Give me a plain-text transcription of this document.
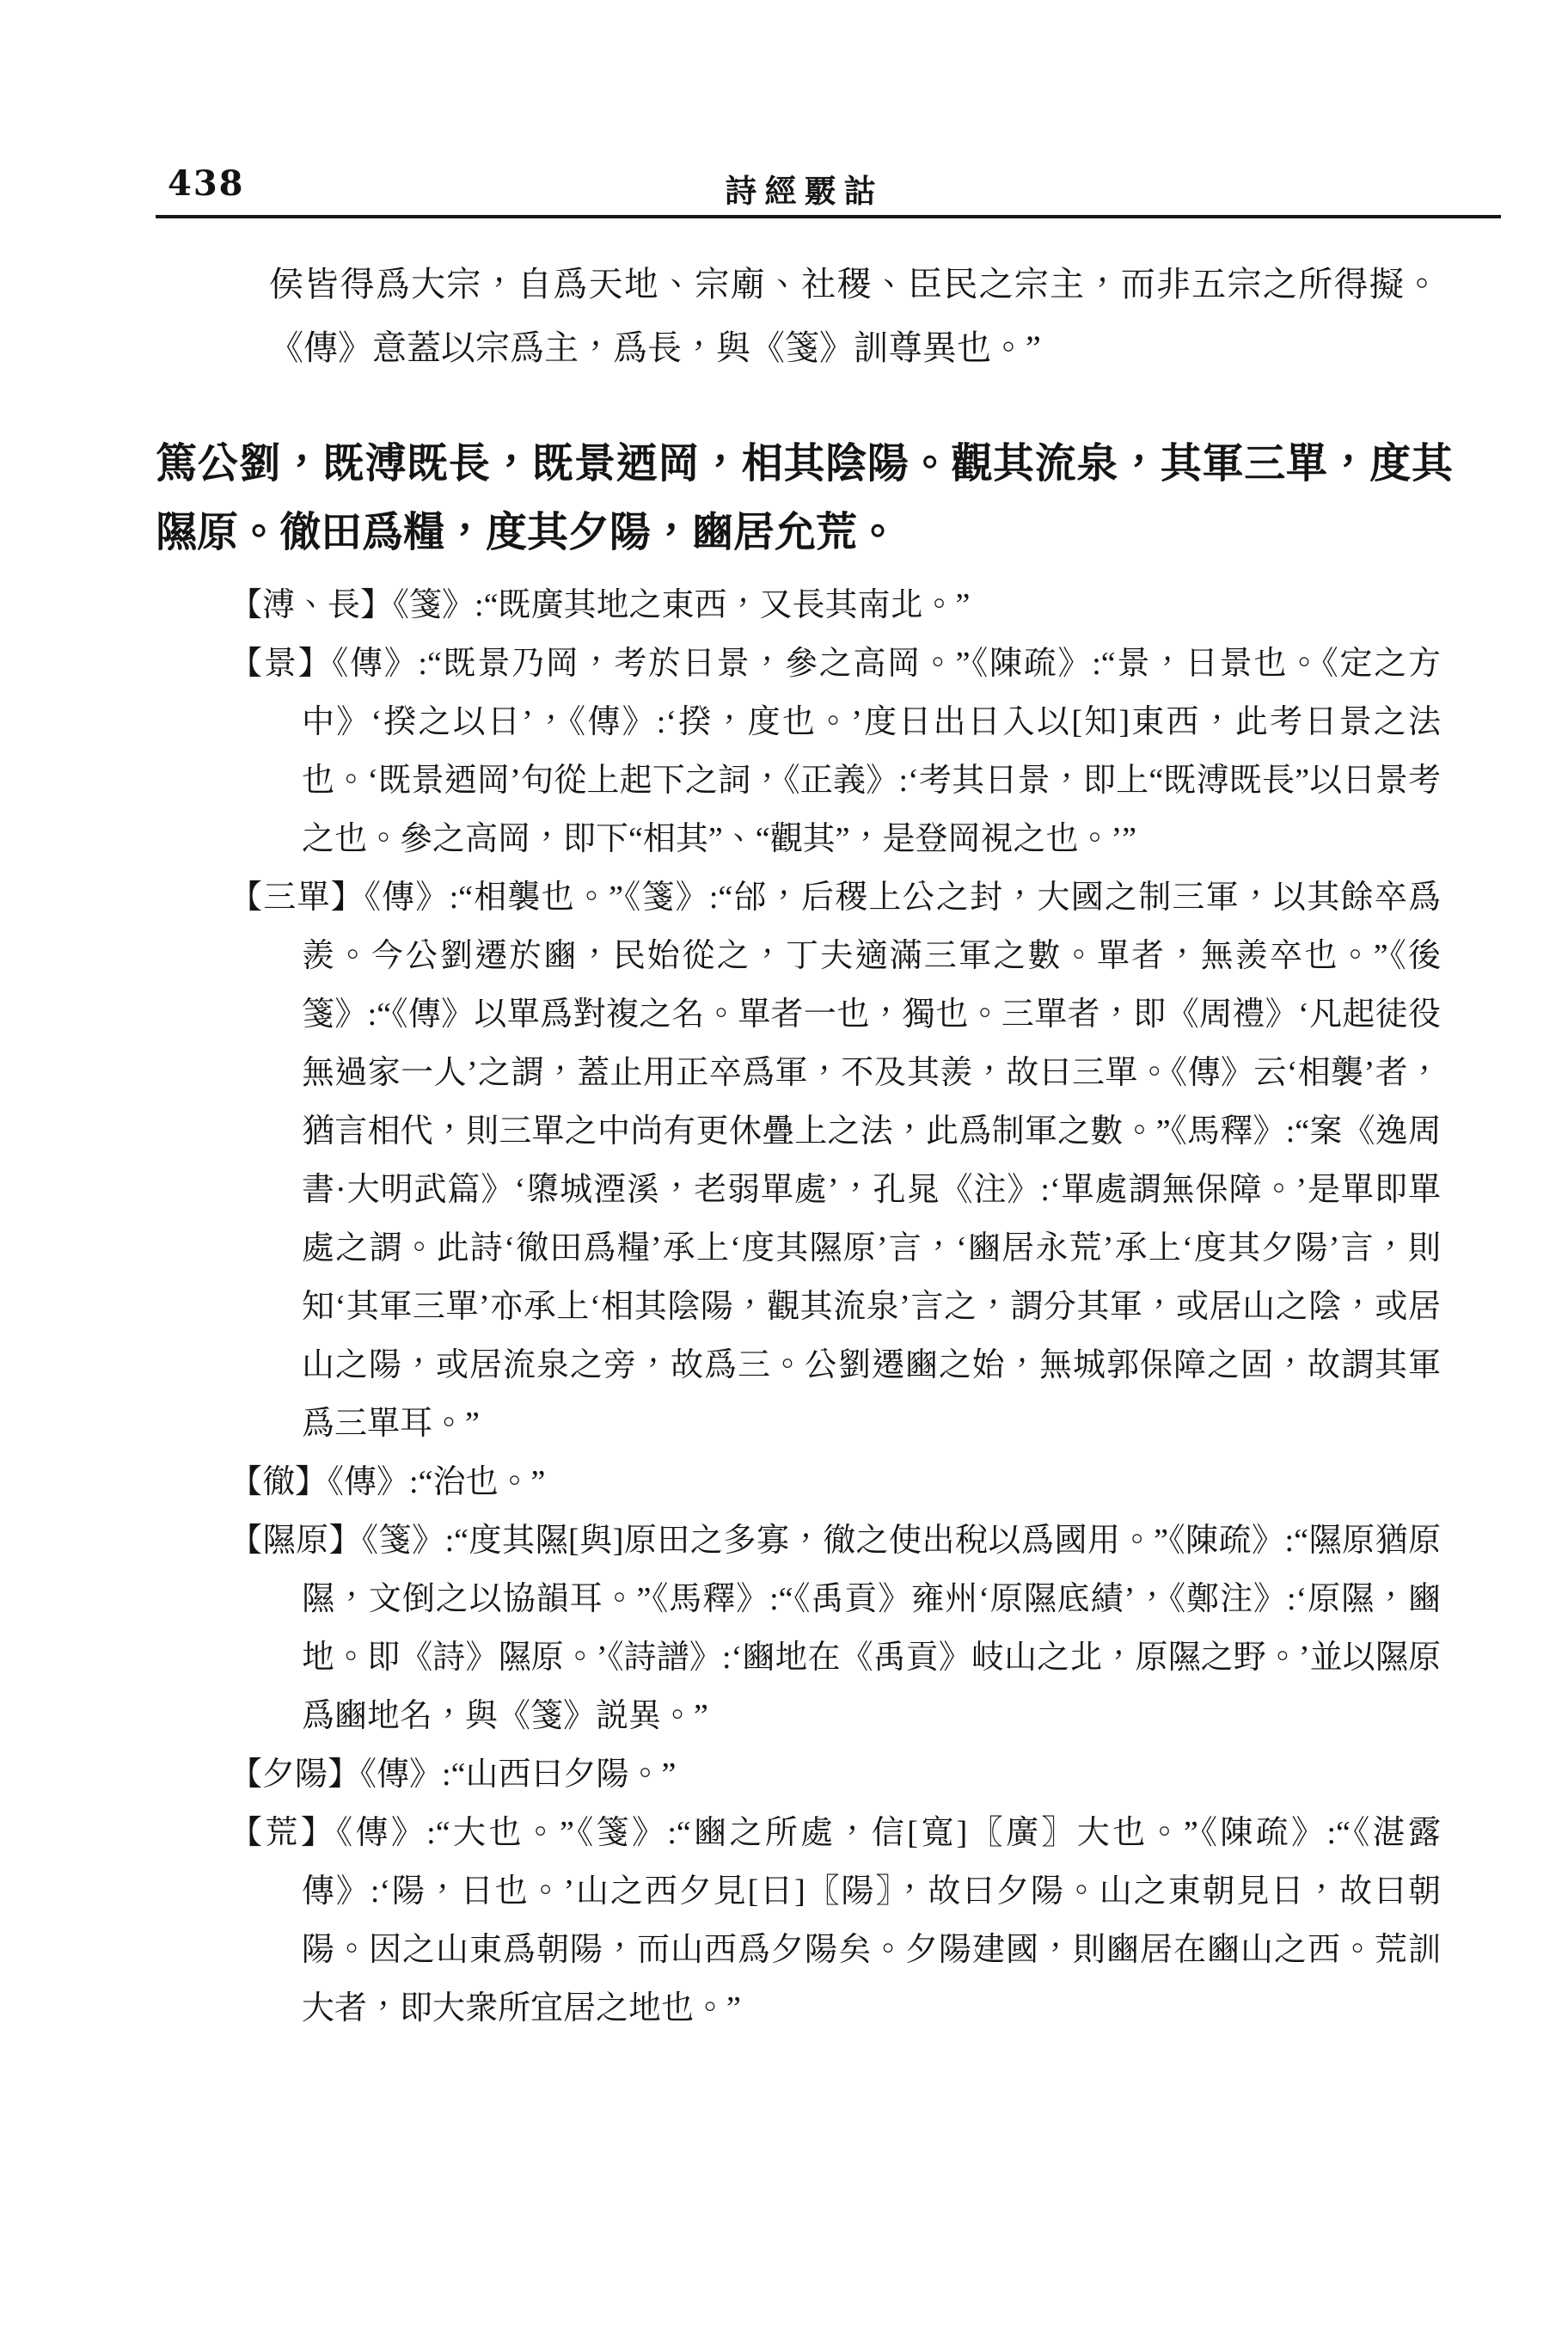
438	詩經覈詁

侯皆得爲大宗，自爲天地、宗廟、社稷、臣民之宗主，而非五宗之所得擬。《傳》意蓋以宗爲主，爲長，與《箋》訓尊異也。”

篤公劉，既溥既長，既景迺岡，相其陰陽。觀其流泉，其軍三單，度其隰原。徹田爲糧，度其夕陽，豳居允荒。

【溥、長】《箋》:“既廣其地之東西，又長其南北。”

【景】《傳》:“既景乃岡，考於日景，參之高岡。”《陳疏》:“景，日景也。《定之方中》‘揆之以日’，《傳》:‘揆，度也。’度日出日入以[知]東西，此考日景之法也。‘既景迺岡’句從上起下之詞，《正義》:‘考其日景，即上“既溥既長”以日景考之也。參之高岡，即下“相其”、“觀其”，是登岡視之也。’”

【三單】《傳》:“相襲也。”《箋》:“邰，后稷上公之封，大國之制三軍，以其餘卒爲羨。今公劉遷於豳，民始從之，丁夫適滿三軍之數。單者，無羨卒也。”《後箋》:“《傳》以單爲對複之名。單者一也，獨也。三單者，即《周禮》‘凡起徒役無過家一人’之謂，蓋止用正卒爲軍，不及其羨，故曰三單。《傳》云‘相襲’者，猶言相代，則三單之中尚有更休疊上之法，此爲制軍之數。”《馬釋》:“案《逸周書·大明武篇》‘隳城湮溪，老弱單處’，孔晁《注》:‘單處謂無保障。’是單即單處之謂。此詩‘徹田爲糧’承上‘度其隰原’言，‘豳居永荒’承上‘度其夕陽’言，則知‘其軍三單’亦承上‘相其陰陽，觀其流泉’言之，謂分其軍，或居山之陰，或居山之陽，或居流泉之旁，故爲三。公劉遷豳之始，無城郭保障之固，故謂其軍爲三單耳。”

【徹】《傳》:“治也。”

【隰原】《箋》:“度其隰[與]原田之多寡，徹之使出稅以爲國用。”《陳疏》:“隰原猶原隰，文倒之以協韻耳。”《馬釋》:“《禹貢》雍州‘原隰底績’，《鄭注》:‘原隰，豳地。即《詩》隰原。’《詩譜》:‘豳地在《禹貢》岐山之北，原隰之野。’並以隰原爲豳地名，與《箋》説異。”

【夕陽】《傳》:“山西曰夕陽。”

【荒】《傳》:“大也。”《箋》:“豳之所處，信[寬]〖廣〗大也。”《陳疏》:“《湛露傳》:‘陽，日也。’山之西夕見[日]〖陽〗，故曰夕陽。山之東朝見日，故曰朝陽。因之山東爲朝陽，而山西爲夕陽矣。夕陽建國，則豳居在豳山之西。荒訓大者，即大衆所宜居之地也。”
